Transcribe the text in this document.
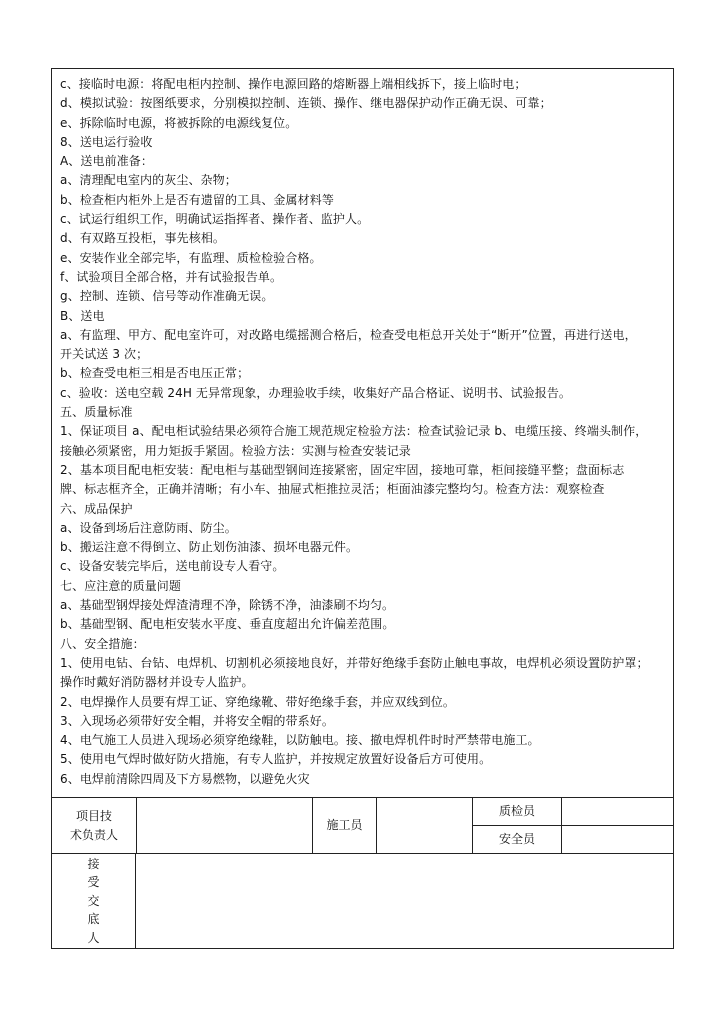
c、接临时电源：将配电柜内控制、操作电源回路的熔断器上端相线拆下，接上临时电；
d、模拟试验：按图纸要求，分别模拟控制、连锁、操作、继电器保护动作正确无误、可靠；
e、拆除临时电源，将被拆除的电源线复位。
8、送电运行验收
A、送电前准备：
a、清理配电室内的灰尘、杂物；
b、检查柜内柜外上是否有遗留的工具、金属材料等
c、试运行组织工作，明确试运指挥者、操作者、监护人。
d、有双路互投柜，事先核相。
e、安装作业全部完毕，有监理、质检检验合格。
f、试验项目全部合格，并有试验报告单。
g、控制、连锁、信号等动作准确无误。
B、送电
a、有监理、甲方、配电室许可，对改路电缆摇测合格后，检查受电柜总开关处于“断开”位置，再进行送电，
开关试送 3 次；
b、检查受电柜三相是否电压正常；
c、验收：送电空载 24H 无异常现象，办理验收手续，收集好产品合格证、说明书、试验报告。
五、质量标准
1、保证项目 a、配电柜试验结果必须符合施工规范规定检验方法：检查试验记录 b、电缆压接、终端头制作，
接触必须紧密，用力矩扳手紧固。检验方法：实测与检查安装记录
2、基本项目配电柜安装：配电柜与基础型钢间连接紧密，固定牢固，接地可靠，柜间接缝平整；盘面标志
牌、标志框齐全，正确并清晰；有小车、抽屉式柜推拉灵活；柜面油漆完整均匀。检查方法：观察检查
六、成品保护
a、设备到场后注意防雨、防尘。
b、搬运注意不得倒立、防止划伤油漆、损坏电器元件。
c、设备安装完毕后，送电前设专人看守。
七、应注意的质量问题
a、基础型钢焊接处焊渣清理不净，除锈不净，油漆刷不均匀。
b、基础型钢、配电柜安装水平度、垂直度超出允许偏差范围。
八、安全措施：
1、使用电钻、台钻、电焊机、切割机必须接地良好，并带好绝缘手套防止触电事故，电焊机必须设置防护罩；
操作时戴好消防器材并设专人监护。
2、电焊操作人员要有焊工证、穿绝缘靴、带好绝缘手套，并应双线到位。
3、入现场必须带好安全帽，并将安全帽的带系好。
4、电气施工人员进入现场必须穿绝缘鞋，以防触电。接、撤电焊机件时时严禁带电施工。
5、使用电气焊时做好防火措施，有专人监护，并按规定放置好设备后方可使用。
6、电焊前清除四周及下方易燃物，以避免火灾
项目技
术负责人
施工员
质检员
安全员
接
受
交
底
人
